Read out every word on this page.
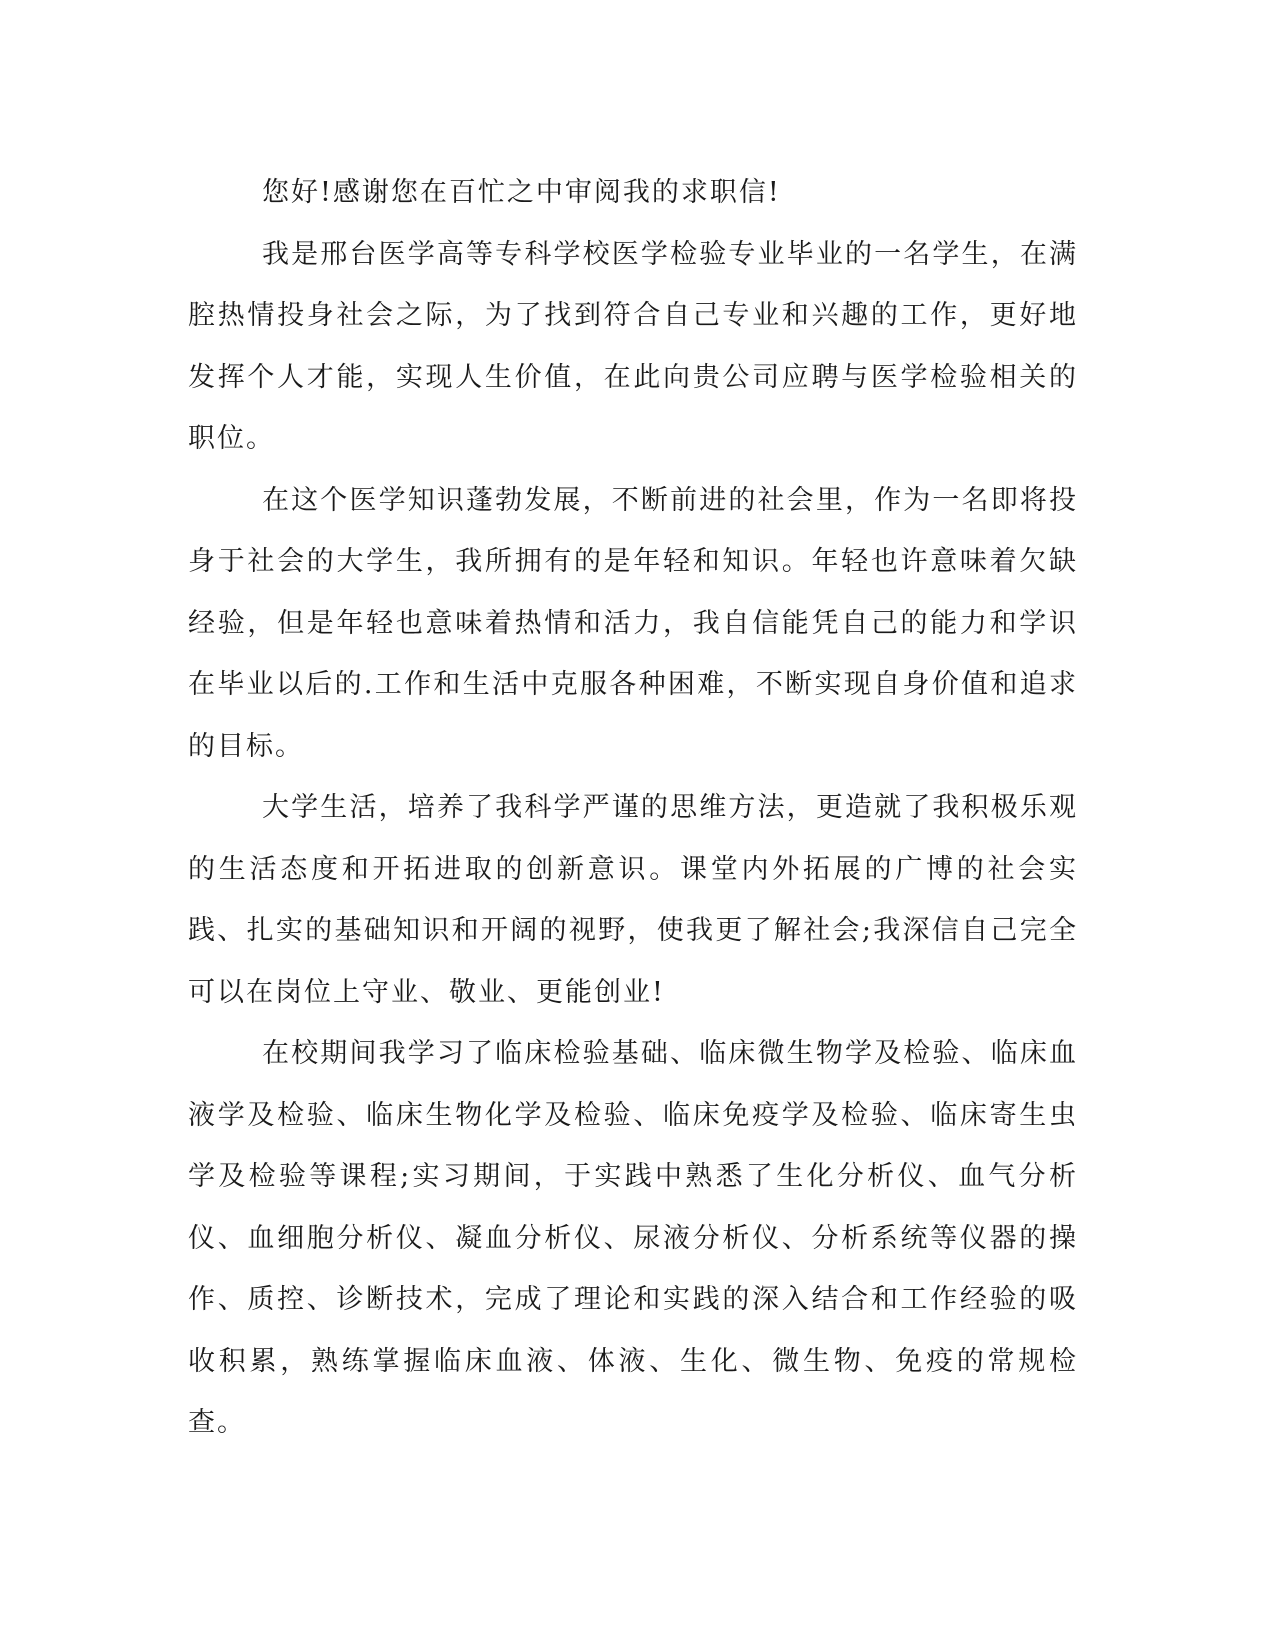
您好!感谢您在百忙之中审阅我的求职信!

我是邢台医学高等专科学校医学检验专业毕业的一名学生，在满腔热情投身社会之际，为了找到符合自己专业和兴趣的工作，更好地发挥个人才能，实现人生价值，在此向贵公司应聘与医学检验相关的职位。

在这个医学知识蓬勃发展，不断前进的社会里，作为一名即将投身于社会的大学生，我所拥有的是年轻和知识。年轻也许意味着欠缺经验，但是年轻也意味着热情和活力，我自信能凭自己的能力和学识在毕业以后的.工作和生活中克服各种困难，不断实现自身价值和追求的目标。

大学生活，培养了我科学严谨的思维方法，更造就了我积极乐观的生活态度和开拓进取的创新意识。课堂内外拓展的广博的社会实践、扎实的基础知识和开阔的视野，使我更了解社会;我深信自己完全可以在岗位上守业、敬业、更能创业!

在校期间我学习了临床检验基础、临床微生物学及检验、临床血液学及检验、临床生物化学及检验、临床免疫学及检验、临床寄生虫学及检验等课程;实习期间，于实践中熟悉了生化分析仪、血气分析仪、血细胞分析仪、凝血分析仪、尿液分析仪、分析系统等仪器的操作、质控、诊断技术，完成了理论和实践的深入结合和工作经验的吸收积累，熟练掌握临床血液、体液、生化、微生物、免疫的常规检查。
